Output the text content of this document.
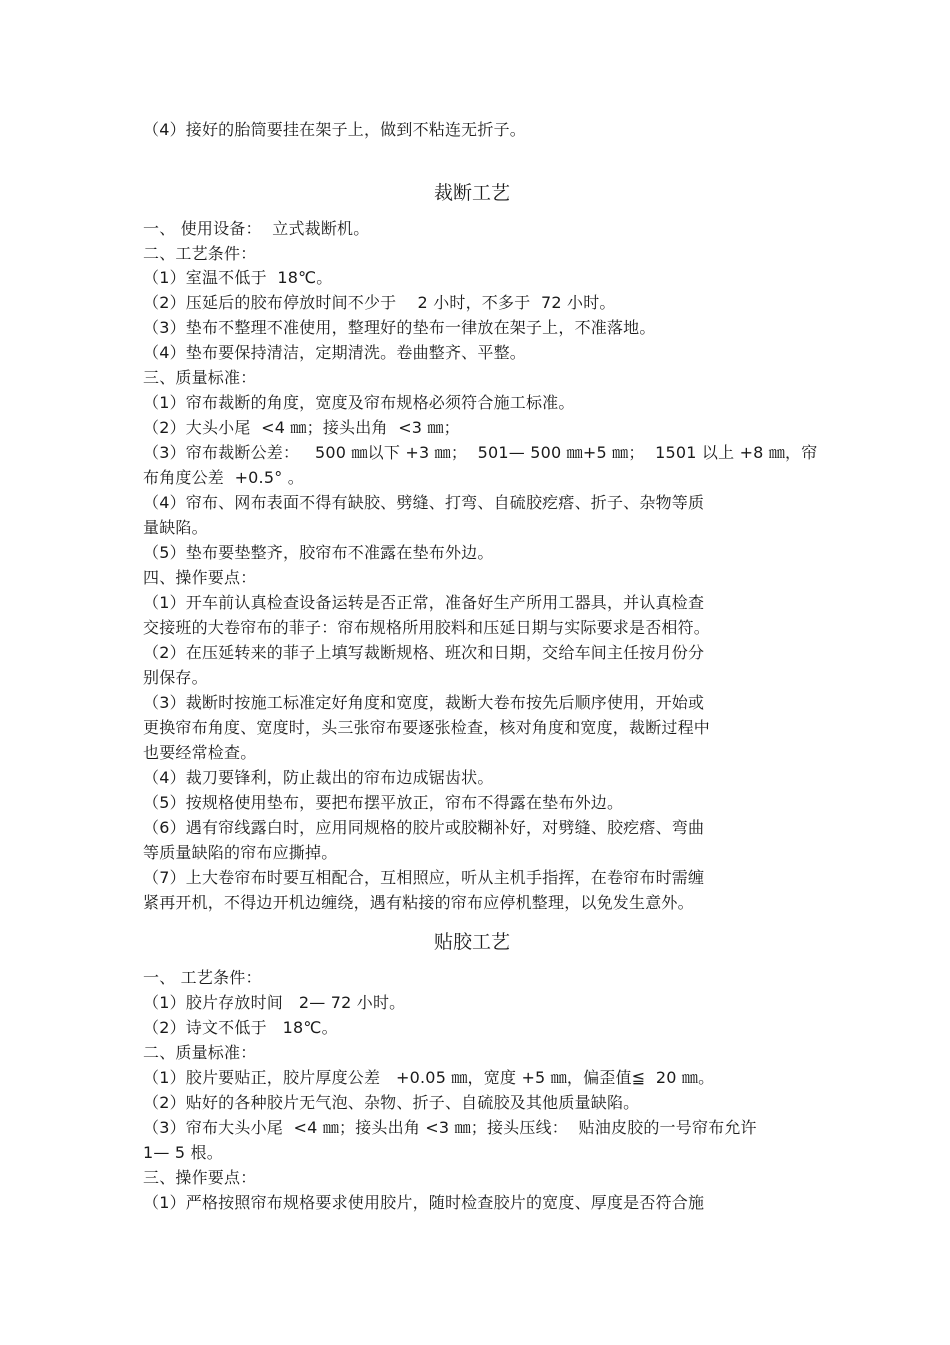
（4）接好的胎筒要挂在架子上，做到不粘连无折子。
裁断工艺
一、 使用设备：  立式裁断机。
二、工艺条件：
（1）室温不低于  18℃。
（2）压延后的胶布停放时间不少于    2 小时，不多于  72 小时。
（3）垫布不整理不准使用，整理好的垫布一律放在架子上，不准落地。
（4）垫布要保持清洁，定期清洗。卷曲整齐、平整。
三、质量标准：
（1）帘布裁断的角度，宽度及帘布规格必须符合施工标准。
（2）大头小尾  <4 ㎜；接头出角  <3 ㎜；
（3）帘布裁断公差：   500 ㎜以下 +3 ㎜；  501— 500 ㎜+5 ㎜；  1501 以上 +8 ㎜，帘
布角度公差  +0.5° 。
（4）帘布、网布表面不得有缺胶、劈缝、打弯、自硫胶疙瘩、折子、杂物等质
量缺陷。
（5）垫布要垫整齐，胶帘布不准露在垫布外边。
四、操作要点：
（1）开车前认真检查设备运转是否正常，准备好生产所用工器具，并认真检查
交接班的大卷帘布的菲子：帘布规格所用胶料和压延日期与实际要求是否相符。
（2）在压延转来的菲子上填写裁断规格、班次和日期，交给车间主任按月份分
别保存。
（3）裁断时按施工标准定好角度和宽度，裁断大卷布按先后顺序使用，开始或
更换帘布角度、宽度时，头三张帘布要逐张检查，核对角度和宽度，裁断过程中
也要经常检查。
（4）裁刀要锋利，防止裁出的帘布边成锯齿状。
（5）按规格使用垫布，要把布摆平放正，帘布不得露在垫布外边。
（6）遇有帘线露白时，应用同规格的胶片或胶糊补好，对劈缝、胶疙瘩、弯曲
等质量缺陷的帘布应撕掉。
（7）上大卷帘布时要互相配合，互相照应，听从主机手指挥，在卷帘布时需缠
紧再开机，不得边开机边缠绕，遇有粘接的帘布应停机整理，以免发生意外。
贴胶工艺
一、 工艺条件：
（1）胶片存放时间   2— 72 小时。
（2）诗文不低于   18℃。
二、质量标准：
（1）胶片要贴正，胶片厚度公差   +0.05 ㎜，宽度 +5 ㎜，偏歪值≦  20 ㎜。
（2）贴好的各种胶片无气泡、杂物、折子、自硫胶及其他质量缺陷。
（3）帘布大头小尾  <4 ㎜；接头出角 <3 ㎜；接头压线：  贴油皮胶的一号帘布允许
1— 5 根。
三、操作要点：
（1）严格按照帘布规格要求使用胶片，随时检查胶片的宽度、厚度是否符合施
